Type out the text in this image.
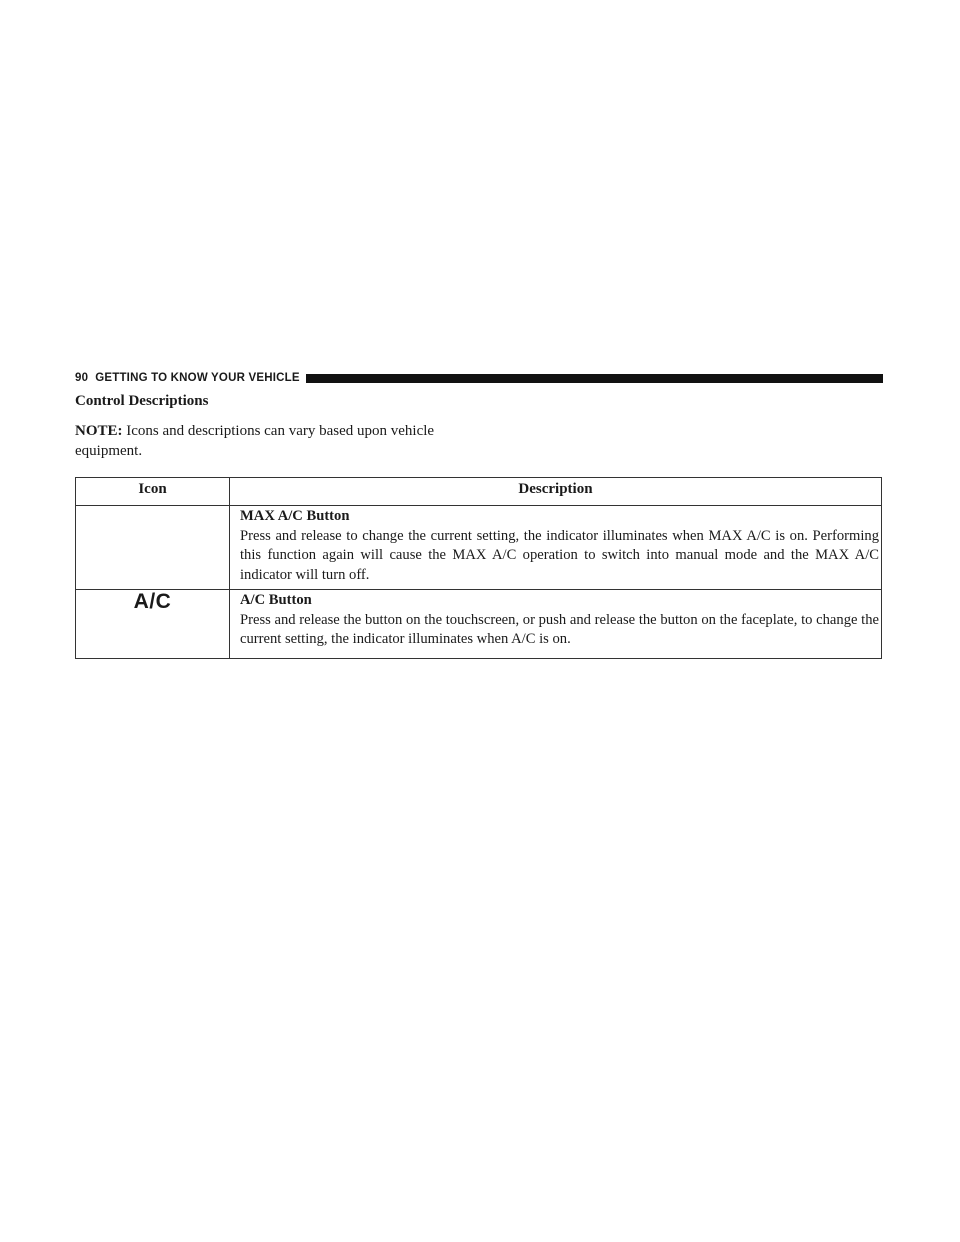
90 GETTING TO KNOW YOUR VEHICLE
Control Descriptions
NOTE: Icons and descriptions can vary based upon vehicle equipment.
Icon	Description

	MAX A/C Button
Press and release to change the current setting, the indicator illuminates when MAX A/C is on. Performing this function again will cause the MAX A/C operation to switch into manual mode and the MAX A/C indicator will turn off.

A/C	A/C Button
Press and release the button on the touchscreen, or push and release the button on the faceplate, to change the current setting, the indicator illuminates when A/C is on.
